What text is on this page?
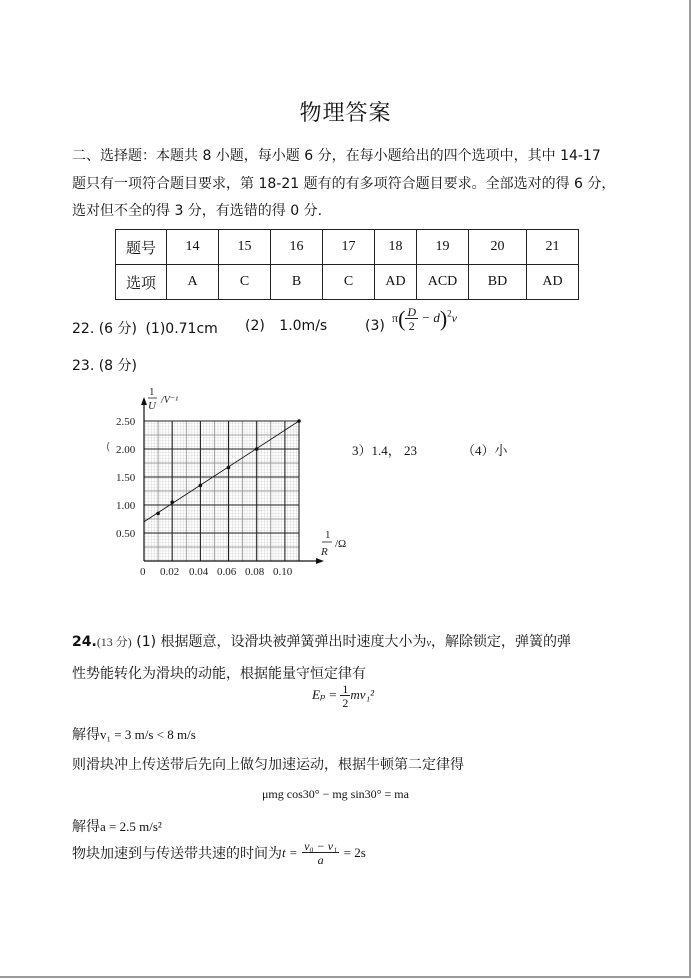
物理答案
二、选择题：本题共 8 小题，每小题 6 分，在每小题给出的四个选项中，其中 14-17
题只有一项符合题目要求，第 18-21 题有的有多项符合题目要求。全部选对的得 6 分，
选对但不全的得 3 分，有选错的得 0 分.
题号	14	15	16	17	18	19	20	21
选项	A	C	B	C	AD	ACD	BD	AD
22. (6 分) (1)0.71cm (2) 1.0m/s	(3)
$\pi( \frac{D}{2} - d)^2v$
23. (8 分)
(
2.50
2.00
1.50
1.00
0.50
0 0.02 0.04 0.06 0.08 0.10
1
U /V⁻¹
1
R
/Ω
3）1.4， 23	（4）小
24.(13 分) (1) 根据题意，设滑块被弹簧弹出时速度大小为v，解除锁定，弹簧的弹
性势能转化为滑块的动能，根据能量守恒定律有
$E_p = \frac{1}{2} mv_1^2$
解得v₁ = 3 m/s < 8 m/s
则滑块冲上传送带后先向上做匀加速运动，根据牛顿第二定律得
μmg cos30° − mg sin30° = ma
解得a = 2.5 m/s²
物块加速到与传送带共速的时间为$t = \frac{\text{v₀ − v₁}}{a} = 2s$
